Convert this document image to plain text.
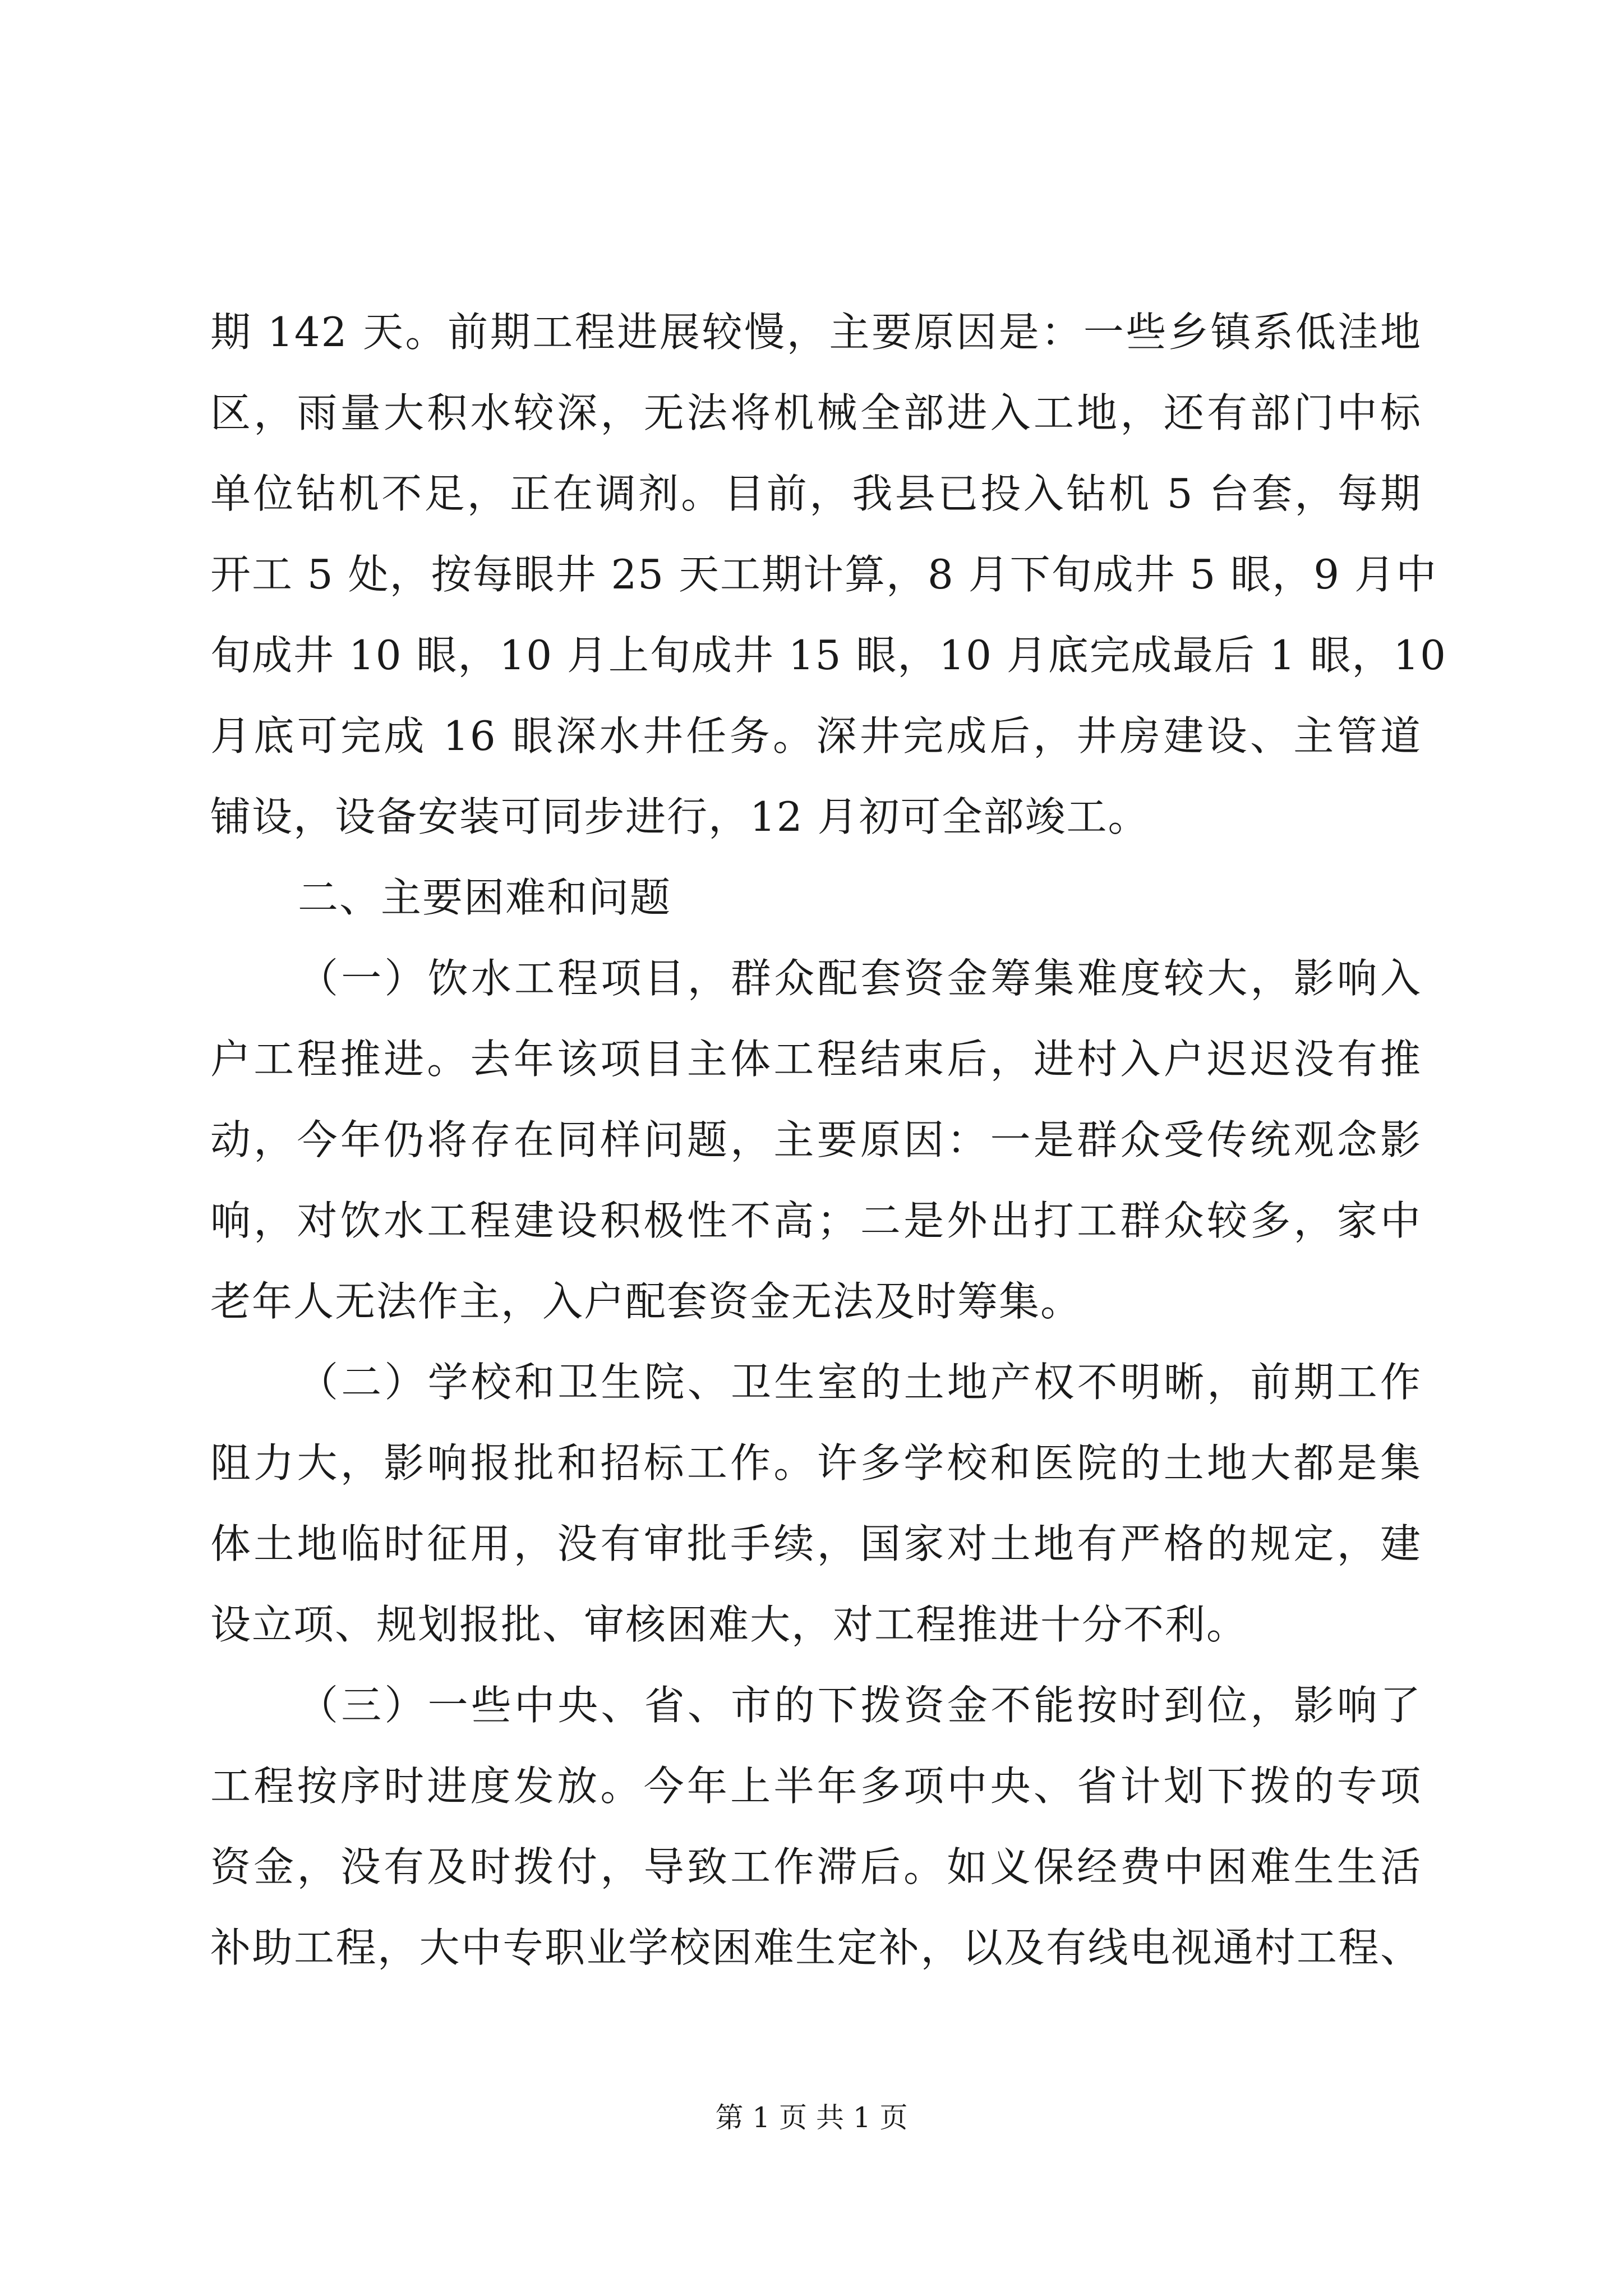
期 142 天。前期工程进展较慢，主要原因是：一些乡镇系低洼地
区，雨量大积水较深，无法将机械全部进入工地，还有部门中标
单位钻机不足，正在调剂。目前，我县已投入钻机 5 台套，每期
开工 5 处，按每眼井 25 天工期计算，8 月下旬成井 5 眼，9 月中
旬成井 10 眼，10 月上旬成井 15 眼，10 月底完成最后 1 眼，10
月底可完成 16 眼深水井任务。深井完成后，井房建设、主管道
铺设，设备安装可同步进行，12 月初可全部竣工。
二、主要困难和问题
（一）饮水工程项目，群众配套资金筹集难度较大，影响入
户工程推进。去年该项目主体工程结束后，进村入户迟迟没有推
动，今年仍将存在同样问题，主要原因：一是群众受传统观念影
响，对饮水工程建设积极性不高；二是外出打工群众较多，家中
老年人无法作主，入户配套资金无法及时筹集。
（二）学校和卫生院、卫生室的土地产权不明晰，前期工作
阻力大，影响报批和招标工作。许多学校和医院的土地大都是集
体土地临时征用，没有审批手续，国家对土地有严格的规定，建
设立项、规划报批、审核困难大，对工程推进十分不利。
（三）一些中央、省、市的下拨资金不能按时到位，影响了
工程按序时进度发放。今年上半年多项中央、省计划下拨的专项
资金，没有及时拨付，导致工作滞后。如义保经费中困难生生活
补助工程，大中专职业学校困难生定补，以及有线电视通村工程、
第 1 页 共 1 页
